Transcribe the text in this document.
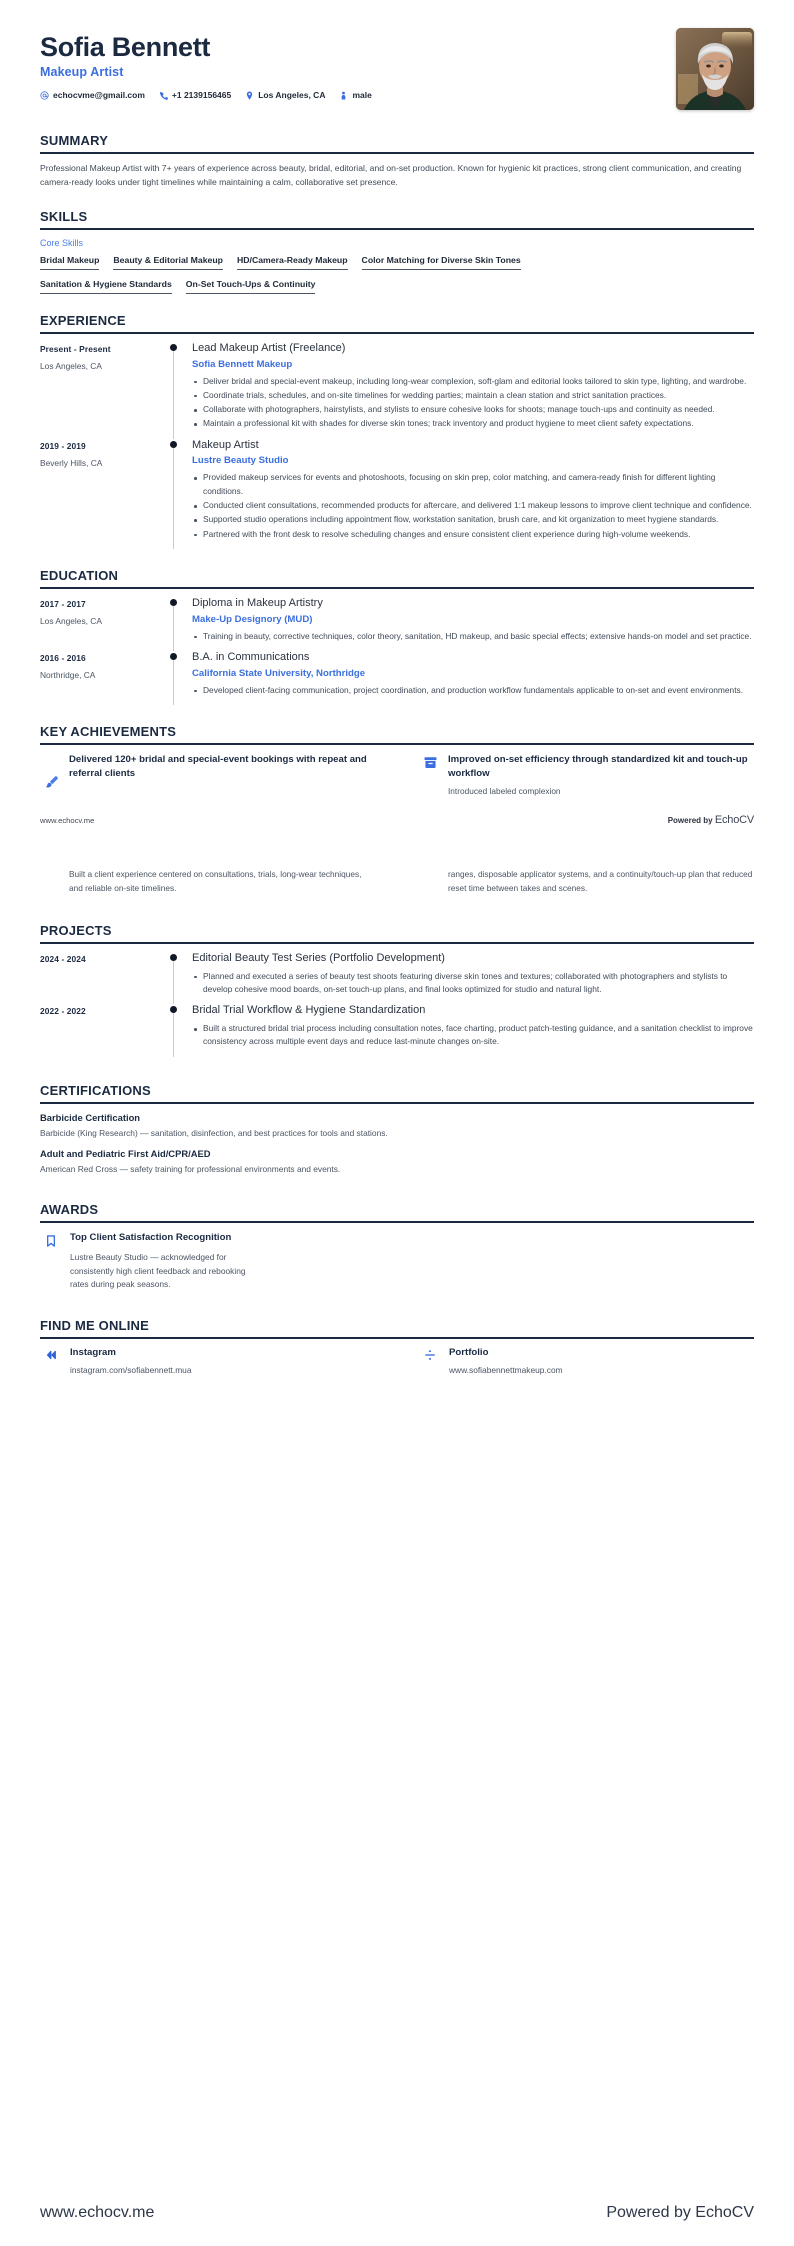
Sofia Bennett
Makeup Artist
echocvme@gmail.com	+1 2139156465	Los Angeles, CA	male
SUMMARY
Professional Makeup Artist with 7+ years of experience across beauty, bridal, editorial, and on-set production. Known for hygienic kit practices, strong client communication, and creating camera-ready looks under tight timelines while maintaining a calm, collaborative set presence.
SKILLS
Core Skills
Bridal Makeup Beauty & Editorial Makeup HD/Camera-Ready Makeup Color Matching for Diverse Skin Tones
Sanitation & Hygiene Standards On-Set Touch-Ups & Continuity
EXPERIENCE
Present - Present
Los Angeles, CA
Lead Makeup Artist (Freelance)
Sofia Bennett Makeup
Deliver bridal and special-event makeup, including long-wear complexion, soft-glam and editorial looks tailored to skin type, lighting, and wardrobe.
Coordinate trials, schedules, and on-site timelines for wedding parties; maintain a clean station and strict sanitation practices.
Collaborate with photographers, hairstylists, and stylists to ensure cohesive looks for shoots; manage touch-ups and continuity as needed.
Maintain a professional kit with shades for diverse skin tones; track inventory and product hygiene to meet client safety expectations.
2019 - 2019
Beverly Hills, CA
Makeup Artist
Lustre Beauty Studio
Provided makeup services for events and photoshoots, focusing on skin prep, color matching, and camera-ready finish for different lighting conditions.
Conducted client consultations, recommended products for aftercare, and delivered 1:1 makeup lessons to improve client technique and confidence.
Supported studio operations including appointment flow, workstation sanitation, brush care, and kit organization to meet hygiene standards.
Partnered with the front desk to resolve scheduling changes and ensure consistent client experience during high-volume weekends.
EDUCATION
2017 - 2017
Los Angeles, CA
Diploma in Makeup Artistry
Make-Up Designory (MUD)
Training in beauty, corrective techniques, color theory, sanitation, HD makeup, and basic special effects; extensive hands-on model and set practice.
2016 - 2016
Northridge, CA
B.A. in Communications
California State University, Northridge
Developed client-facing communication, project coordination, and production workflow fundamentals applicable to on-set and event environments.
KEY ACHIEVEMENTS
Delivered 120+ bridal and special-event bookings with repeat and referral clients
Improved on-set efficiency through standardized kit and touch-up workflow
Introduced labeled complexion
www.echocv.me	Powered by EchoCV
Built a client experience centered on consultations, trials, long-wear techniques, and reliable on-site timelines.
ranges, disposable applicator systems, and a continuity/touch-up plan that reduced reset time between takes and scenes.
PROJECTS
2024 - 2024	Editorial Beauty Test Series (Portfolio Development)
Planned and executed a series of beauty test shoots featuring diverse skin tones and textures; collaborated with photographers and stylists to develop cohesive mood boards, on-set touch-up plans, and final looks optimized for studio and natural light.
2022 - 2022	Bridal Trial Workflow & Hygiene Standardization
Built a structured bridal trial process including consultation notes, face charting, product patch-testing guidance, and a sanitation checklist to improve consistency across multiple event days and reduce last-minute changes on-site.
CERTIFICATIONS
Barbicide Certification
Barbicide (King Research) — sanitation, disinfection, and best practices for tools and stations.
Adult and Pediatric First Aid/CPR/AED
American Red Cross — safety training for professional environments and events.
AWARDS
Top Client Satisfaction Recognition
Lustre Beauty Studio — acknowledged for consistently high client feedback and rebooking rates during peak seasons.
FIND ME ONLINE
Instagram
instagram.com/sofiabennett.mua
Portfolio
www.sofiabennettmakeup.com
www.echocv.me	Powered by EchoCV
